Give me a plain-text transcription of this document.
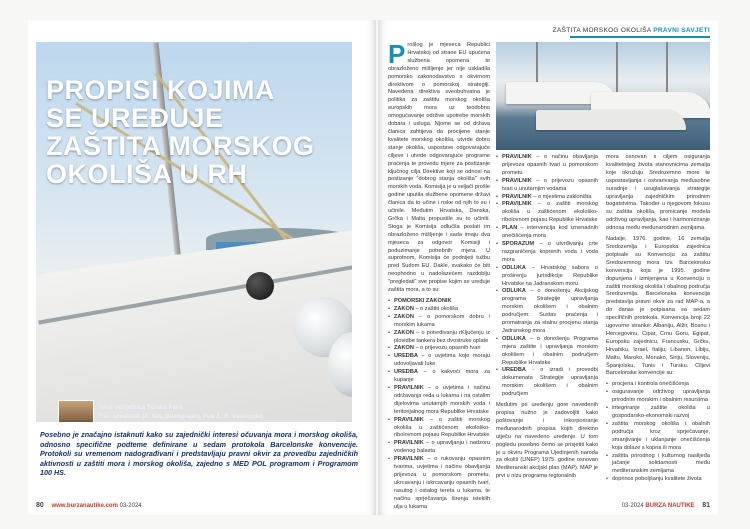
PROPISI KOJIMA
SE UREĐUJE
ZAŠTITA MORSKOG
OKOLIŠA U RH
Tekst: odvjetnica Tiziana Paris
Foto: Unsplash (A. Vas, Bucography, Fuu J., R. Vasilovski)
Posebno je značajno istaknuti kako su zajednički interesi očuvanja mora i morskog okoliša, odnosno specifične podteme definirane u sedam protokola Barcelonske konvencije. Protokoli su vremenom nadograđivani i predstavljaju pravni okvir za provedbu zajedničkih aktivnosti u zaštiti mora i morskog okoliša, zajedno s MED POL programom i Programom 100 HS.
80 www.burzanautike.com 03-2024
ZAŠTITA MORSKOG OKOLIŠA PRAVNI SAVJETI

Prošlog je mjeseca Republici Hrvatskoj od strane EU upućena službena opomena te obrazloženo mišljenje jer nije uskladila pomorsko zakonodavstvo s okvirnom direktivom o pomorskoj strategiji. Navedena direktiva sveobuhvatna je politika za zaštitu morskog okoliša europskih mora uz teodobno omogućavanje održive upotrebe morskih dobara i usluga. Njome se od država članica zahtijeva da procijene stanje kvalitete morskog okoliša, utvrde dobro stanje okoliša, uspostave odgovarajuće ciljeve i utvrde odgovarajuće programe praćenja te provedu mjere za postizanje ključnog cilja Direktive koji se odnosi na postizanje "dobrog stanja okoliša" svih morskih voda. Komisija je u veljači prošle godine uputila službene opomene državi članica da to učine i nske od njih to su i učinile. Međutim Hrvatska, Danska, Grčka i Malta propustile su to učiniti. Stoga je Komisija odlučila poslati im obrazloženo mišljenje i sada imaju dva mjeseca za odgovor Komisiji i poduzimanje potrebnih mjera. U suprotnom, Komisija će podnijeti tužbu pred Sudom EU. Dakle, svakako će biti neophodno u nadolazećem razdoblju "pregledati" sve propise kojim se uređuje zaštita mora, a to su:

• POMORSKI ZAKONIK
• ZAKON – o zaštiti okoliša
• ZAKON – o pomorskom dobru i morskim lukama
• ZAKON – o potvrđivanju rKljučenju iz plovidbe tankera bez dvostruke oplate
• ZAKON – o prijevozu opasnih tvari
• UREDBA – o uvjetima koje moraju udovoljavati luke
• UREDBA – o kakvoći mora za kupanje
• PRAVILNIK – o uvjetima i načinu održavanja reda u lukama i na ostalim dijelovima unutarnjih morskih voda i teritorijalnog mora Republike Hrvatske
• PRAVILNIK – o zaštiti morskog okoliša u zaštićenom ekološko-ribolovnom pojasu Republike Hrvatske
• PRAVILNIK – o upravljanju i nadzoru vodenog balasta
• PRAVILNIK – o rukovanju opasnim tvarima, uvjetima i načinu obavljanja prijevoza u pomorskom prometu, ukrcavanju i iskrcavanju opasnih tvari, rasutog i ostalog tereta u lukama, te načinu sprječavanja širenja isteklih ulja u lukama
• PRAVILNIK – o načinu obavljanja prijevoza opasnih tvari u pomorskom prometu
• PRAVILNIK – o prijevozu opasnih tvari u unutarnjim vodama
• PRAVILNIK – o mjestima zakloništa
• PRAVILNIK – o zaštiti morskog okoliša u zaštićenom ekološko-ribolovnom pojasu Republike Hrvatske
• PLAN – intervencija kod iznenadnih onečišćenja mora
• SPORAZUM – o utvrđivanju crte razgraničenja koprenih voda i voda mora
• ODLUKA – Hrvatskog sabora o proširenju jurisdikcije Republike Hrvatske na Jadranskom moru
• ODLUKA – o donošenju Akcijskog programa Strategije upravljanja morskim okolišem i obalnim područjem: Sustav praćenja i promatranja za stalnu procjenu stanja Jadranskog mora
• ODLUKA – o donošenju Programa mjera zaštite i upravljanja morskim okolišem i obalnim područjem Republike Hrvatske
• UREDBA - o izradi i provedbi dokumenata Strategije upravljanja morskim okolišem i obalnim područjem

Međutim pri uređenju gore navedenih propisa nužno je zadovoljiti kako poštovanje i inkorporiranje međunarodnih propisa kojih direktno utječu na navedeno uređenje. U tom pogledu posebno čemo se prisjetiti kako je u okviru Programa Ujedinjenih naroda za okoliš (UNEP) 1975. godine osnovan Mediteranski akcijski plan (MAP). MAP je prvi u nizu programa regionalnih

mora osnovan s ciljem osiguranja kvalitetnijeg života stanovnicima zemalja koje okružuju Sredozemno more te uspostavljanja i ostvarivanja međusobne suradnje i usuglašavanja strategije upravljanja zajedničkim prirodnim bogatstvima. Također u njegovom fokusu su zaštita okoliša, promicanje modela održivog upravljanja, kao i harmoniziranje odnosa među međunarodnim zemljama.

Nadalje, 1976. godine, 16 zemalja Sredozemlja i Europska zajednica potpisale su Konvenciju za zaštitu Sredozemnog mora tzv. Barcelonsku konvenciju koja je 1995. godine dopunjena i izmijenjena u Konvenciju o zaštiti morskog okoliša i obalnog područja Sredozemlja. Barcelonska konvencija predstavlja pravni okvir za rad MAP-a, a do danas je potpisana sa sedam specifičnih protokola. Konvencija broji 22 ugovorne stranke: Albaniju, Alžir, Bosnu i Hercegovinu, Cipar, Crnu Goru, Egipat, Europsku zajednicu, Francusku, Grčku, Hrvatsku, Izrael, Italiju, Libanon, Libiju, Maltu, Maroko, Monako, Siriju, Sloveniju, Španjolsku, Tunis i Tursku. Ciljevi Barcelonske konvencije su:

• procjena i kontrola onečišćenja
• osiguravanje održivog upravljanja prirodnim morskim i obalnim resursima
• integriranje zaštite okoliša u gospodarsko-ekonomski razvoj
• zaštita morskog okoliša i obalnih područja kroz sprječavanje, smanjivanje i uklanjanje onečišćenja koja dolaze s kopna ili mora
• zaštita prirodnog i kulturnog naslijeđa jačanje solidarnosti među mediteranskim zemljama
• doprinos poboljšanju kvalitete života
03-2024 BURZA NAUTIKE 81
